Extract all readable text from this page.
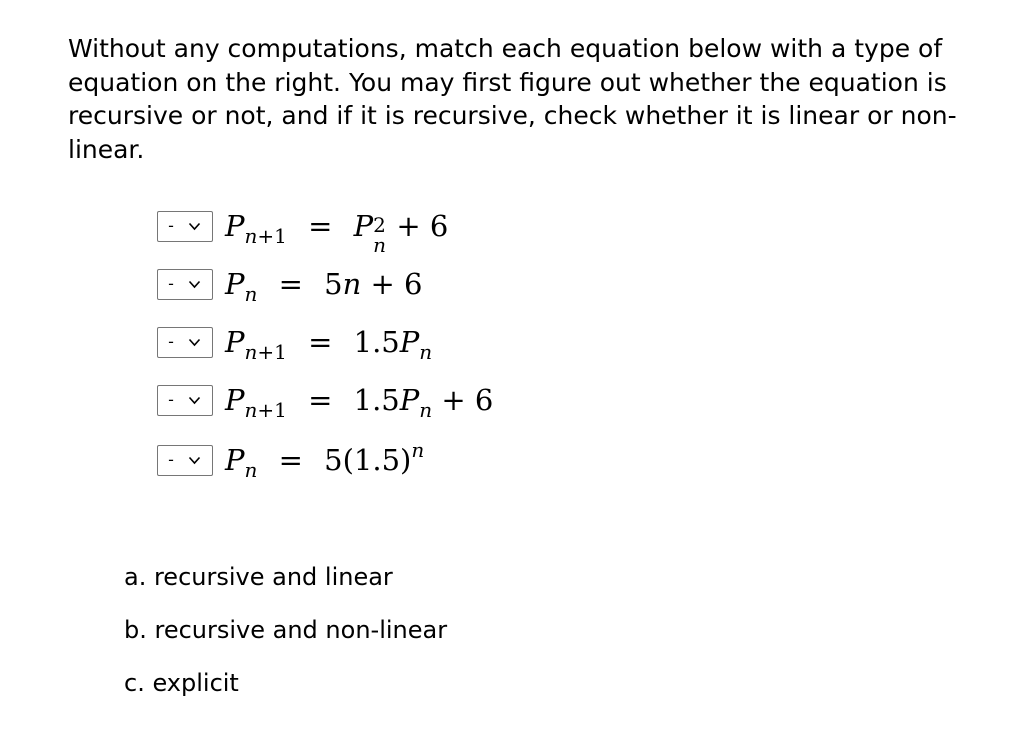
Without any computations, match each equation below with a type of equation on the right. You may first figure out whether the equation is recursive or not, and if it is recursive, check whether it is linear or non-linear.

-	Pn+1 = P 2
n
+ 6
-	Pn = 5n + 6
-	Pn+1 = 1.5Pn
-	Pn+1 = 1.5Pn + 6
-	Pn = 5(1.5)n

a. recursive and linear

b. recursive and non-linear

c. explicit
